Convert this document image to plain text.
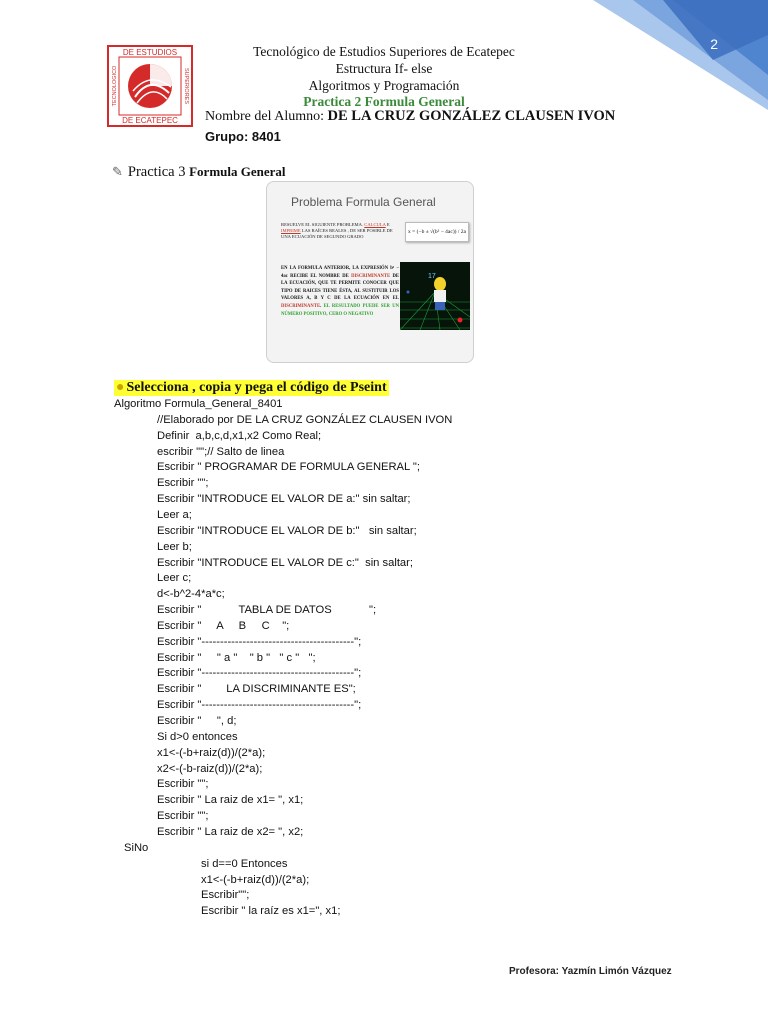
2
DE ESTUDIOS
DE ECATEPEC
TECNOLOGICO	SUPERIORES
Tecnológico de Estudios Superiores de Ecatepec
Estructura If- else
Algoritmos y Programación
Practica 2 Formula General
Nombre del Alumno: DE LA CRUZ GONZÁLEZ CLAUSEN IVON
Grupo: 8401
✎ Practica 3 Formula General
Problema Formula General
RESUELVE EL SIGUIENTE PROBLEMA. CALCULA E IMPRIME LAS RAÍCES REALES , DE SER POSIBLE DE UNA ECUACIÓN DE SEGUNDO GRADO
x = (−b ± √(b² − 4ac)) / 2a
EN LA FORMULA ANTERIOR, LA EXPRESIÓN b² − 4ac RECIBE EL NOMBRE DE DISCRIMINANTE DE LA ECUACIÓN, QUE TE PERMITE CONOCER QUE TIPO DE RAICES TIENE ÉSTA, AL SUSTITUIR LOS VALORES A, B Y C DE LA ECUACIÓN EN EL DISCRIMINANTE. EL RESULTADO PUEDE SER UN NÚMERO POSITIVO, CERO O NEGATIVO
17
● Selecciona , copia y pega el código de Pseint
Algoritmo Formula_General_8401
//Elaborado por DE LA CRUZ GONZÁLEZ CLAUSEN IVON
Definir  a,b,c,d,x1,x2 Como Real;
escribir "";// Salto de linea
Escribir " PROGRAMAR DE FORMULA GENERAL ";
Escribir "";
Escribir "INTRODUCE EL VALOR DE a:" sin saltar;
Leer a;
Escribir "INTRODUCE EL VALOR DE b:"   sin saltar;
Leer b;
Escribir "INTRODUCE EL VALOR DE c:"  sin saltar;
Leer c;
d<-b^2-4*a*c;
Escribir "            TABLA DE DATOS            ";
Escribir "     A     B     C    ";
Escribir "-----------------------------------------";
Escribir "     " a "    " b "   " c "   ";
Escribir "-----------------------------------------";
Escribir "        LA DISCRIMINANTE ES";
Escribir "-----------------------------------------";
Escribir "     ", d;
Si d>0 entonces
x1<-(-b+raiz(d))/(2*a);
x2<-(-b-raiz(d))/(2*a);
Escribir "";
Escribir " La raiz de x1= ", x1;
Escribir "";
Escribir " La raiz de x2= ", x2;
SiNo
si d==0 Entonces
x1<-(-b+raiz(d))/(2*a);
Escribir"";
Escribir " la raíz es x1=", x1;
Profesora: Yazmín Limón Vázquez
